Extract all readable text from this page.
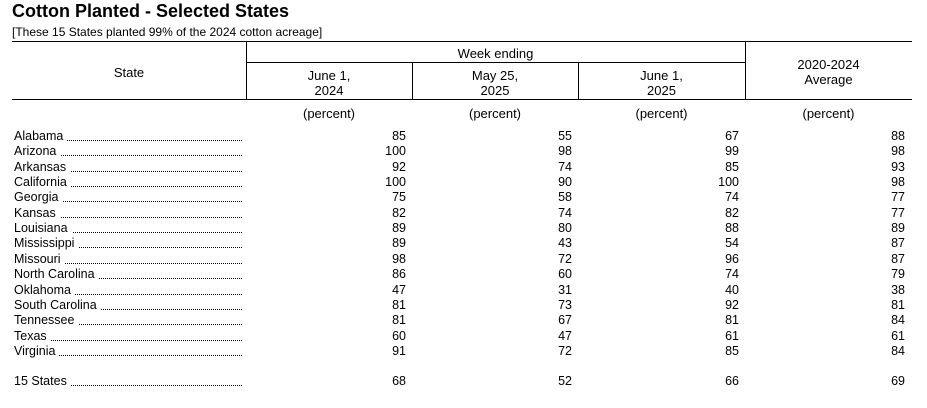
Cotton Planted - Selected States
[These 15 States planted 99% of the 2024 cotton acreage]
State
Week ending
June 1,
2024
May 25,
2025
June 1,
2025
2020-2024
Average
(percent)	(percent)	(percent)	(percent)
Alabama	85	55	67	88
Arizona	100	98	99	98
Arkansas	92	74	85	93
California	100	90	100	98
Georgia	75	58	74	77
Kansas	82	74	82	77
Louisiana	89	80	88	89
Mississippi	89	43	54	87
Missouri	98	72	96	87
North Carolina	86	60	74	79
Oklahoma	47	31	40	38
South Carolina	81	73	92	81
Tennessee	81	67	81	84
Texas	60	47	61	61
Virginia	91	72	85	84
15 States	68	52	66	69
